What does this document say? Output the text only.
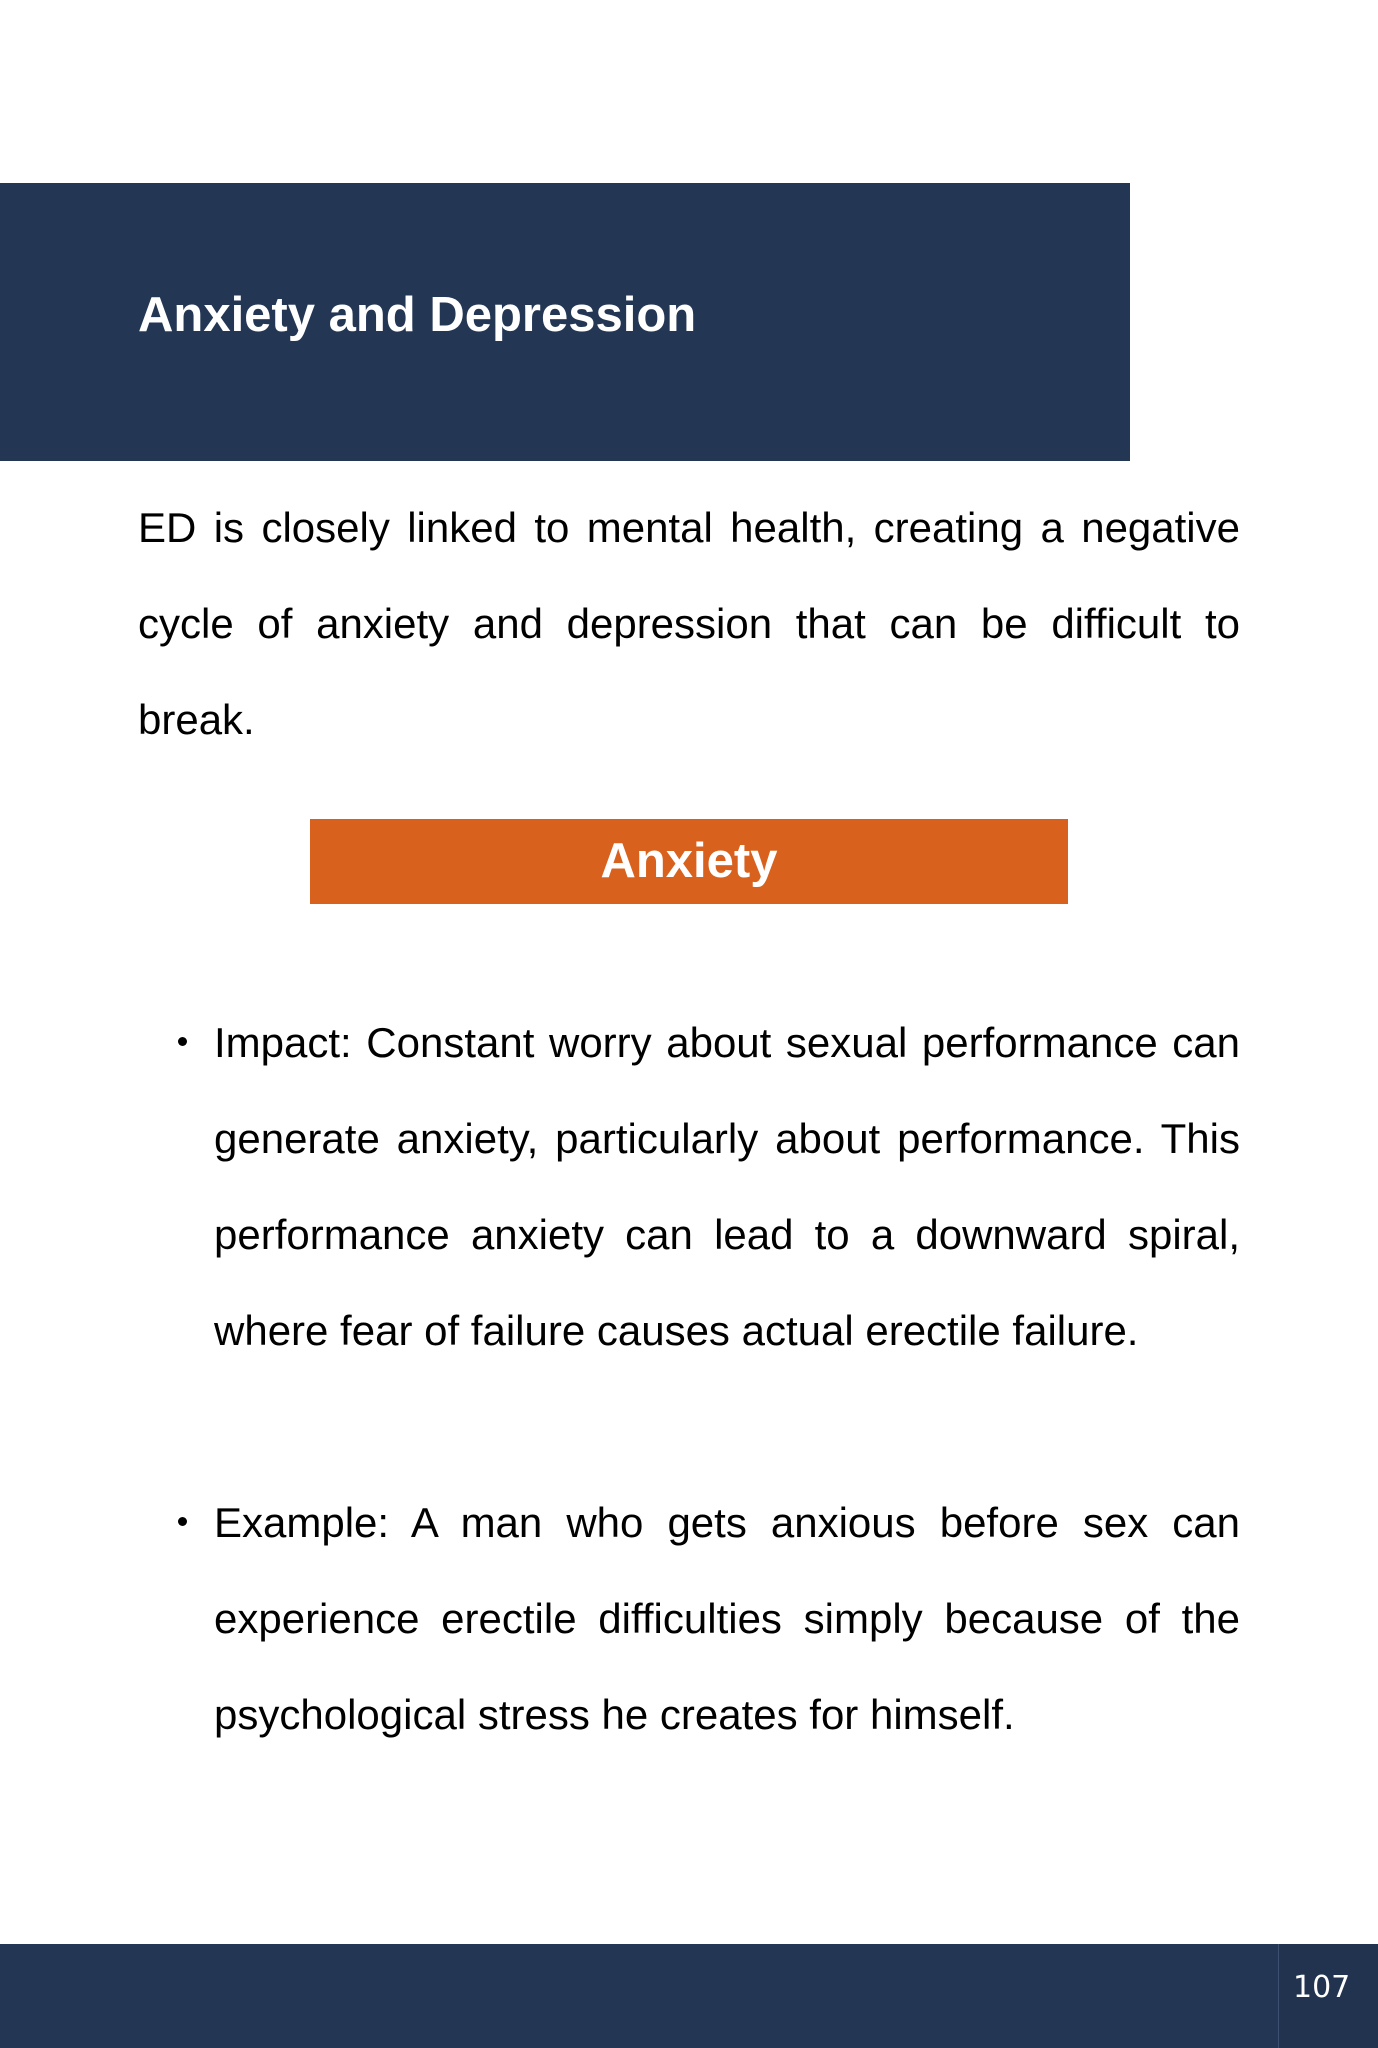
Anxiety and Depression

ED is closely linked to mental health, creating a negative cycle of anxiety and depression that can be difficult to break.

Anxiety
Impact: Constant worry about sexual performance can generate anxiety, particularly about performance. This performance anxiety can lead to a downward spiral, where fear of failure causes actual erectile failure.
Example: A man who gets anxious before sex can experience erectile difficulties simply because of the psychological stress he creates for himself.
107
